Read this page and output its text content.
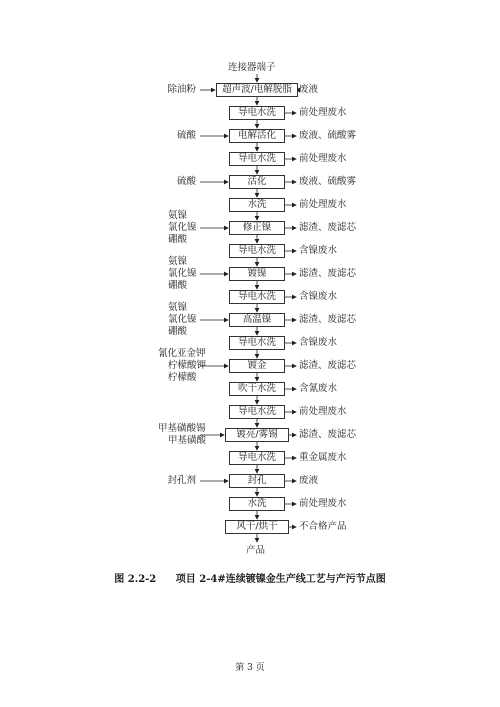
连接器端子
产品
超声波/电解脱脂 废液
除油粉
导电水洗	前处理废水
电解活化	废液、硫酸雾
硫酸
导电水洗	前处理废水
活化	废液、硫酸雾
硫酸
水洗	前处理废水
修正镍	滤渣、废滤芯
氨镍
氯化镍
硼酸
导电水洗	含镍废水
镀镍	滤渣、废滤芯
氨镍
氯化镍
硼酸
导电水洗	含镍废水
高温镍	滤渣、废滤芯
氨镍
氯化镍
硼酸
导电水洗	含镍废水
镀金	滤渣、废滤芯
氰化亚金钾
柠檬酸钾
柠檬酸
吹干水洗	含氰废水
导电水洗	前处理废水
镀亮/雾锡	滤渣、废滤芯
甲基磺酸锡
甲基磺酸
导电水洗	重金属废水
封孔	废液
封孔剂
水洗	前处理废水
风干/烘干	不合格产品
图 2.2-2 项目 2-4#连续镀镍金生产线工艺与产污节点图
第 3 页
